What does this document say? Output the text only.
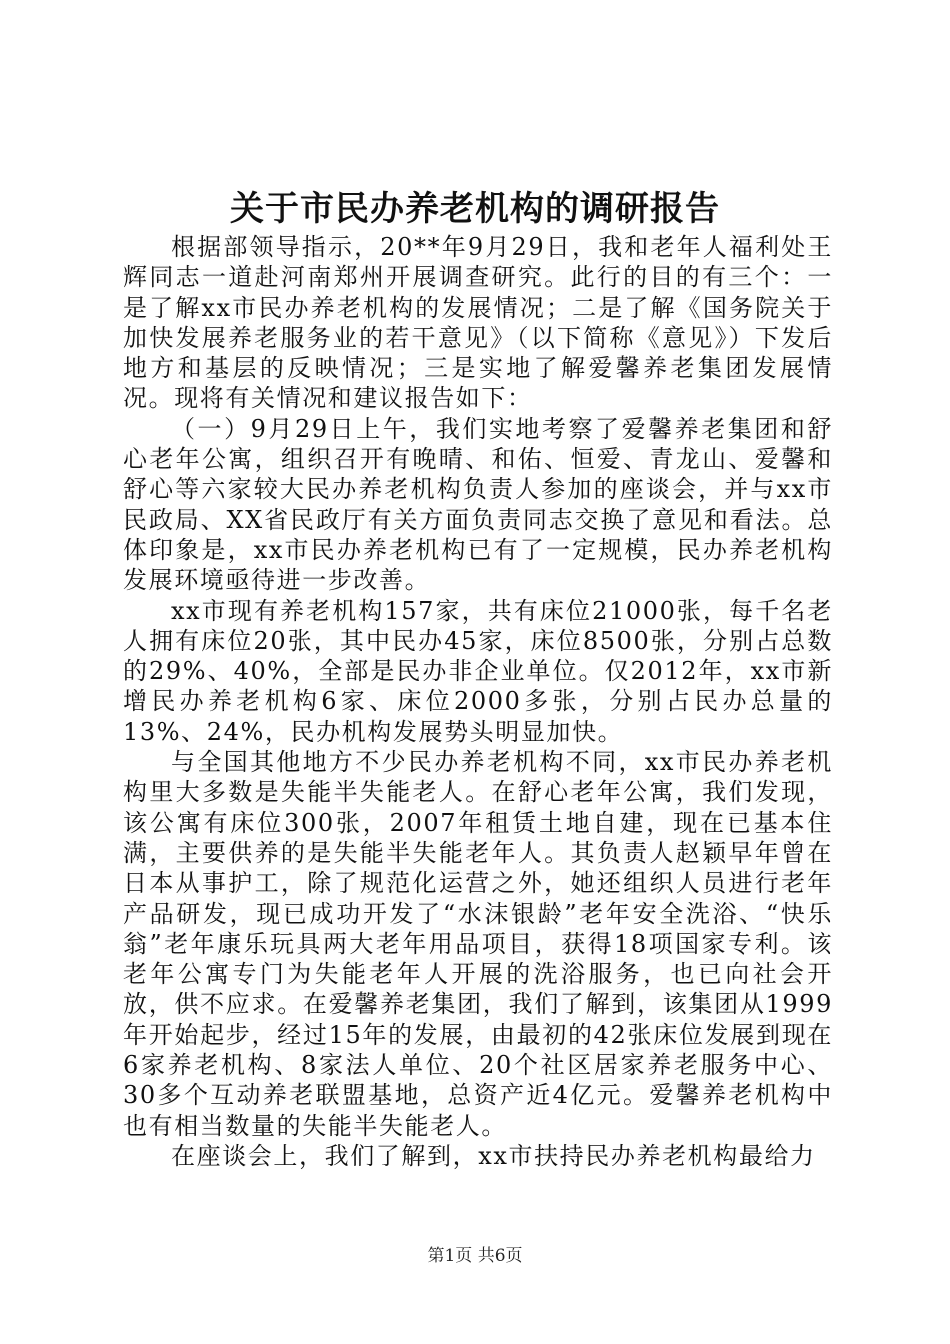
关于市民办养老机构的调研报告

根据部领导指示，20**年9月29日，我和老年人福利处王辉同志一道赴河南郑州开展调查研究。此行的目的有三个：一是了解xx市民办养老机构的发展情况；二是了解《国务院关于加快发展养老服务业的若干意见》（以下简称《意见》）下发后地方和基层的反映情况；三是实地了解爱馨养老集团发展情况。现将有关情况和建议报告如下：

（一）9月29日上午，我们实地考察了爱馨养老集团和舒心老年公寓，组织召开有晚晴、和佑、恒爱、青龙山、爱馨和舒心等六家较大民办养老机构负责人参加的座谈会，并与xx市民政局、XX省民政厅有关方面负责同志交换了意见和看法。总体印象是，xx市民办养老机构已有了一定规模，民办养老机构发展环境亟待进一步改善。

xx市现有养老机构157家，共有床位21000张，每千名老人拥有床位20张，其中民办45家，床位8500张，分别占总数的29%、40%，全部是民办非企业单位。仅2012年，xx市新增民办养老机构6家、床位2000多张，分别占民办总量的13%、24%，民办机构发展势头明显加快。

与全国其他地方不少民办养老机构不同，xx市民办养老机构里大多数是失能半失能老人。在舒心老年公寓，我们发现，该公寓有床位300张，2007年租赁土地自建，现在已基本住满，主要供养的是失能半失能老年人。其负责人赵颖早年曾在日本从事护工，除了规范化运营之外，她还组织人员进行老年产品研发，现已成功开发了“水沫银龄”老年安全洗浴、“快乐翁”老年康乐玩具两大老年用品项目，获得18项国家专利。该老年公寓专门为失能老年人开展的洗浴服务，也已向社会开放，供不应求。在爱馨养老集团，我们了解到，该集团从1999年开始起步，经过15年的发展，由最初的42张床位发展到现在6家养老机构、8家法人单位、20个社区居家养老服务中心、30多个互动养老联盟基地，总资产近4亿元。爱馨养老机构中也有相当数量的失能半失能老人。

在座谈会上，我们了解到，xx市扶持民办养老机构最给力

第1页 共6页
